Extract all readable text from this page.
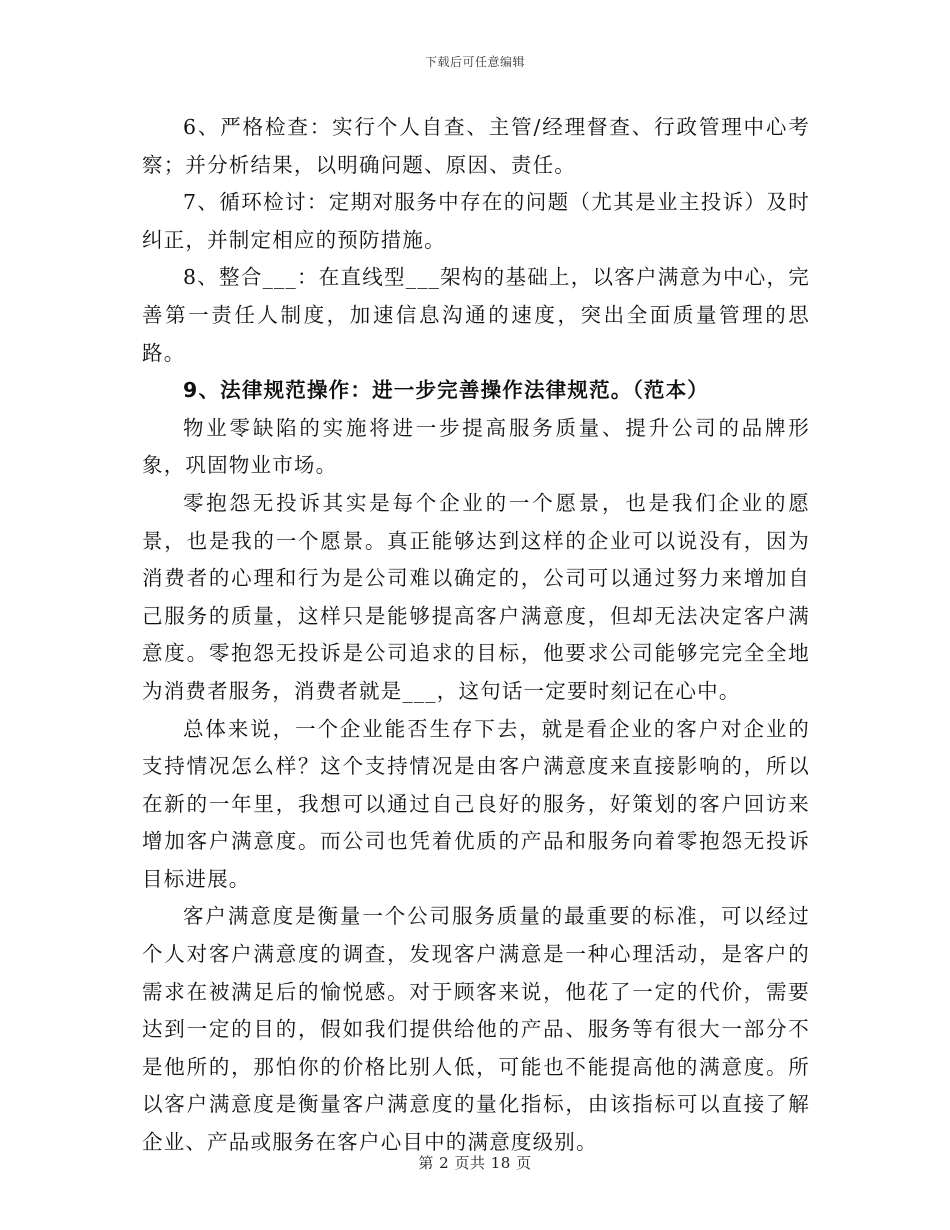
下载后可任意编辑

6、严格检查：实行个人自查、主管/经理督查、行政管理中心考察；并分析结果，以明确问题、原因、责任。

7、循环检讨：定期对服务中存在的问题（尤其是业主投诉）及时纠正，并制定相应的预防措施。

8、整合___：在直线型___架构的基础上，以客户满意为中心，完善第一责任人制度，加速信息沟通的速度，突出全面质量管理的思路。

9、法律规范操作：进一步完善操作法律规范。（范本）

物业零缺陷的实施将进一步提高服务质量、提升公司的品牌形象，巩固物业市场。

零抱怨无投诉其实是每个企业的一个愿景，也是我们企业的愿景，也是我的一个愿景。真正能够达到这样的企业可以说没有，因为消费者的心理和行为是公司难以确定的，公司可以通过努力来增加自己服务的质量，这样只是能够提高客户满意度，但却无法决定客户满意度。零抱怨无投诉是公司追求的目标，他要求公司能够完完全全地为消费者服务，消费者就是___，这句话一定要时刻记在心中。

总体来说，一个企业能否生存下去，就是看企业的客户对企业的支持情况怎么样？这个支持情况是由客户满意度来直接影响的，所以在新的一年里，我想可以通过自己良好的服务，好策划的客户回访来增加客户满意度。而公司也凭着优质的产品和服务向着零抱怨无投诉目标进展。

客户满意度是衡量一个公司服务质量的最重要的标准，可以经过个人对客户满意度的调查，发现客户满意是一种心理活动，是客户的需求在被满足后的愉悦感。对于顾客来说，他花了一定的代价，需要达到一定的目的，假如我们提供给他的产品、服务等有很大一部分不是他所的，那怕你的价格比别人低，可能也不能提高他的满意度。所以客户满意度是衡量客户满意度的量化指标，由该指标可以直接了解企业、产品或服务在客户心目中的满意度级别。

第 2 页共 18 页
